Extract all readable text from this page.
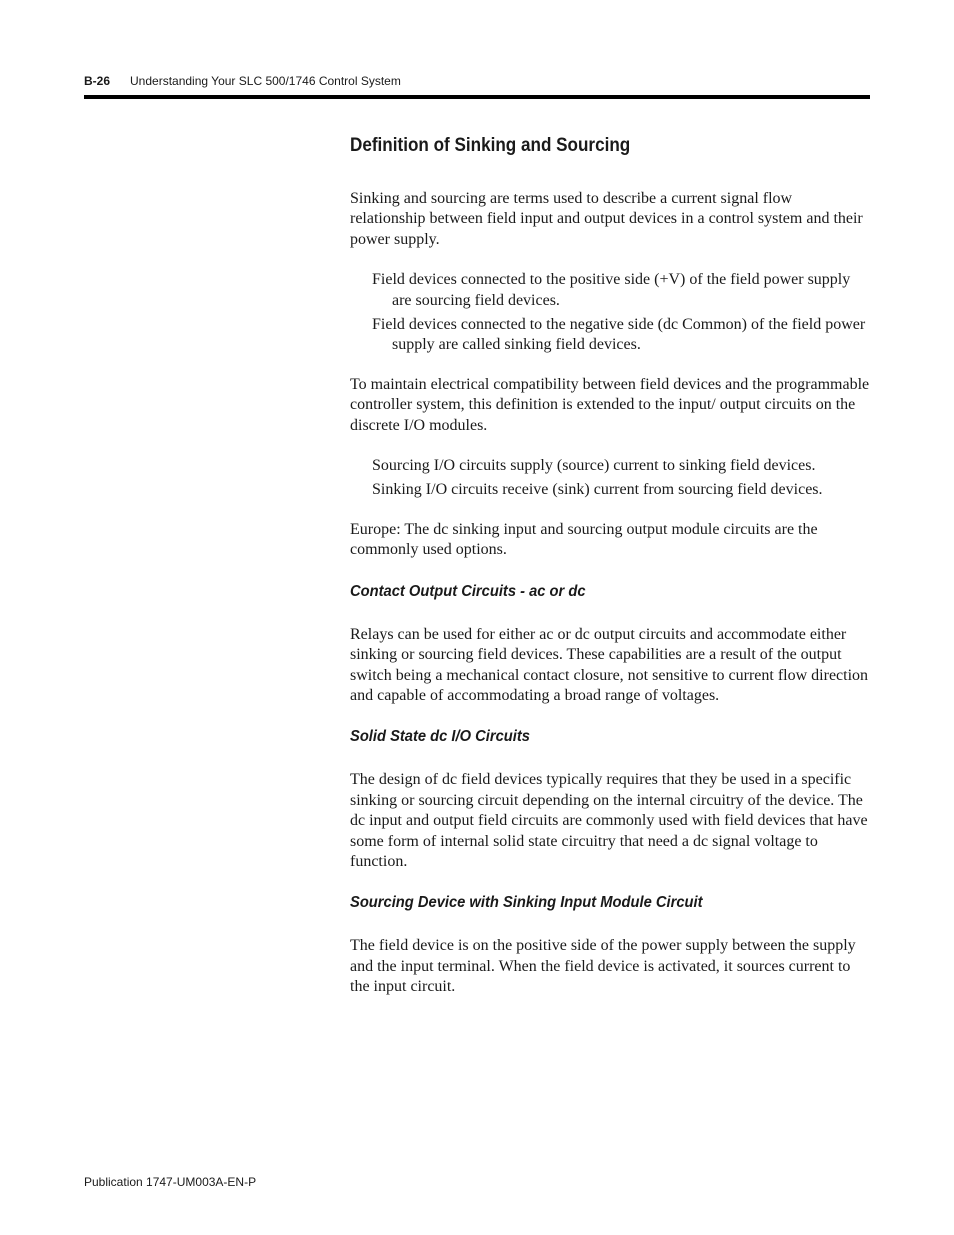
B-26 Understanding Your SLC 500/1746 Control System
Definition of Sinking and Sourcing

Sinking and sourcing are terms used to describe a current signal flow relationship between field input and output devices in a control system and their power supply.

Field devices connected to the positive side (+V) of the field power supply are sourcing field devices.
Field devices connected to the negative side (dc Common) of the field power supply are called sinking field devices.

To maintain electrical compatibility between field devices and the programmable controller system, this definition is extended to the input/ output circuits on the discrete I/O modules.

Sourcing I/O circuits supply (source) current to sinking field devices.
Sinking I/O circuits receive (sink) current from sourcing field devices.

Europe: The dc sinking input and sourcing output module circuits are the commonly used options.

Contact Output Circuits - ac or dc

Relays can be used for either ac or dc output circuits and accommodate either sinking or sourcing field devices. These capabilities are a result of the output switch being a mechanical contact closure, not sensitive to current flow direction and capable of accommodating a broad range of voltages.

Solid State dc I/O Circuits

The design of dc field devices typically requires that they be used in a specific sinking or sourcing circuit depending on the internal circuitry of the device. The dc input and output field circuits are commonly used with field devices that have some form of internal solid state circuitry that need a dc signal voltage to function.

Sourcing Device with Sinking Input Module Circuit

The field device is on the positive side of the power supply between the supply and the input terminal. When the field device is activated, it sources current to the input circuit.

Publication 1747-UM003A-EN-P
